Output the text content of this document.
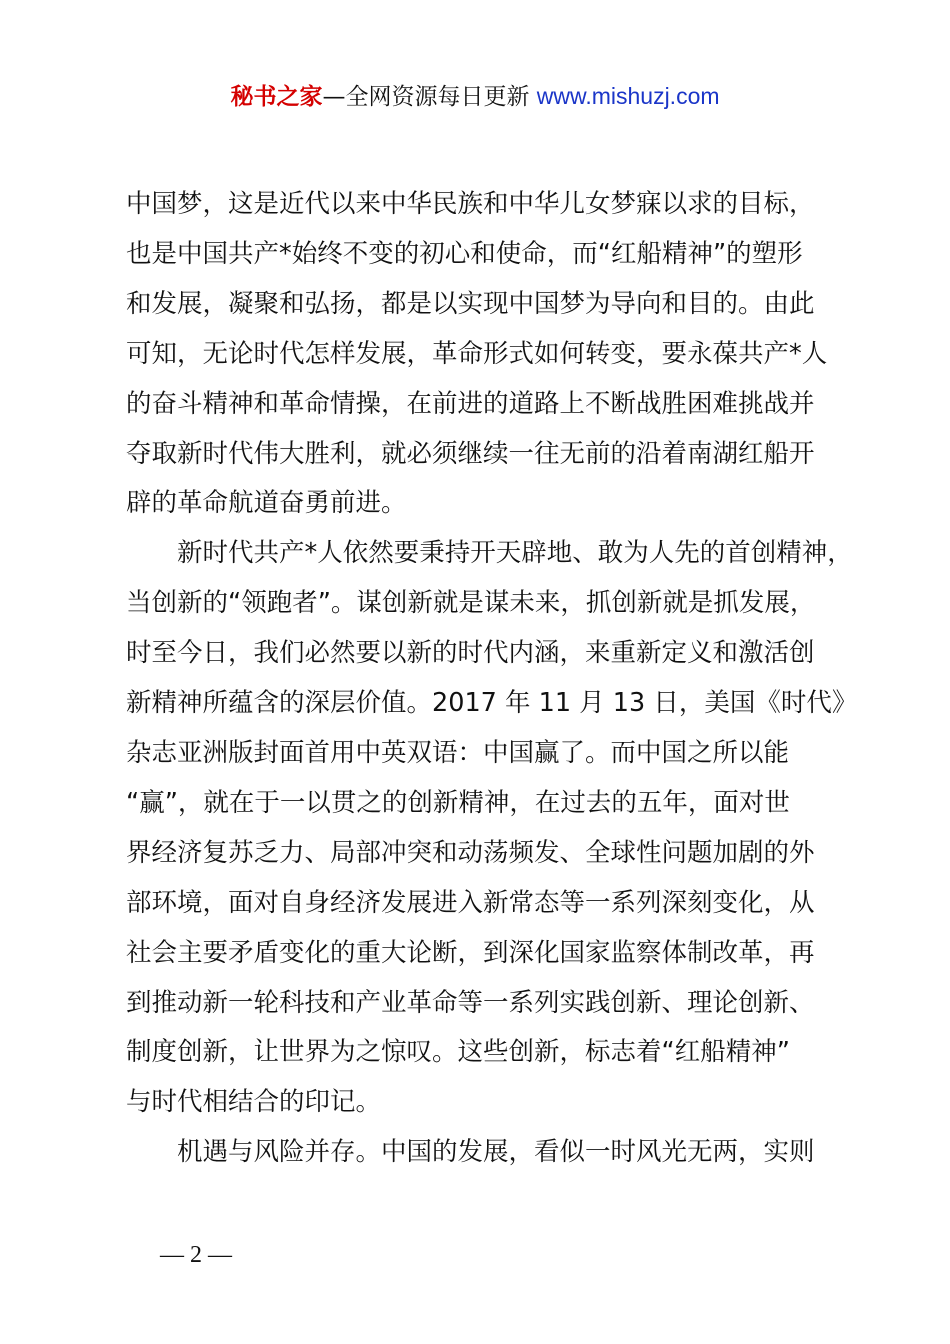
秘书之家—全网资源每日更新 www.mishuzj.com

中国梦，这是近代以来中华民族和中华儿女梦寐以求的目标，
也是中国共产*始终不变的初心和使命，而“红船精神”的塑形
和发展，凝聚和弘扬，都是以实现中国梦为导向和目的。由此
可知，无论时代怎样发展，革命形式如何转变，要永葆共产*人
的奋斗精神和革命情操，在前进的道路上不断战胜困难挑战并
夺取新时代伟大胜利，就必须继续一往无前的沿着南湖红船开
辟的革命航道奋勇前进。

新时代共产*人依然要秉持开天辟地、敢为人先的首创精神，
当创新的“领跑者”。谋创新就是谋未来，抓创新就是抓发展，
时至今日，我们必然要以新的时代内涵，来重新定义和激活创
新精神所蕴含的深层价值。2017 年 11 月 13 日，美国《时代》
杂志亚洲版封面首用中英双语：中国赢了。而中国之所以能
“赢”，就在于一以贯之的创新精神，在过去的五年，面对世
界经济复苏乏力、局部冲突和动荡频发、全球性问题加剧的外
部环境，面对自身经济发展进入新常态等一系列深刻变化，从
社会主要矛盾变化的重大论断，到深化国家监察体制改革，再
到推动新一轮科技和产业革命等一系列实践创新、理论创新、
制度创新，让世界为之惊叹。这些创新，标志着“红船精神”
与时代相结合的印记。

机遇与风险并存。中国的发展，看似一时风光无两，实则

— 2 —
